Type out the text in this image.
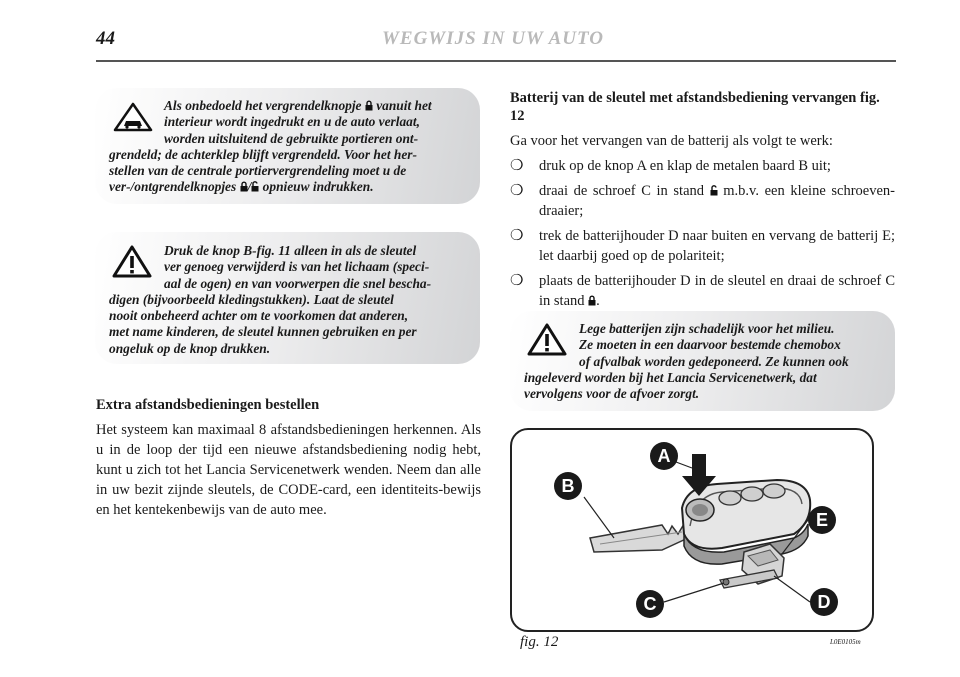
44	WEGWIJS IN UW AUTO

Als onbedoeld het vergrendelknopje vanuit het
interieur wordt ingedrukt en u de auto verlaat,
worden uitsluitend de gebruikte portieren ont-
grendeld; de achterklep blijft vergrendeld. Voor het her-
stellen van de centrale portiervergrendeling moet u de
ver-/ontgrendelknopjes / opnieuw indrukken.

Druk de knop B-fig. 11 alleen in als de sleutel
ver genoeg verwijderd is van het lichaam (speci-
aal de ogen) en van voorwerpen die snel bescha-
digen (bijvoorbeeld kledingstukken). Laat de sleutel
nooit onbeheerd achter om te voorkomen dat anderen,
met name kinderen, de sleutel kunnen gebruiken en per
ongeluk op de knop drukken.

Extra afstandsbedieningen bestellen

Het systeem kan maximaal 8 afstandsbedieningen herkennen. Als u in de loop der tijd een nieuwe afstandsbediening nodig hebt, kunt u zich tot het Lancia Servicenetwerk wenden. Neem dan alle in uw bezit zijnde sleutels, de CODE-card, een identiteits-bewijs en het kentekenbewijs van de auto mee.

Batterij van de sleutel met afstandsbediening vervangen fig. 12

Ga voor het vervangen van de batterij als volgt te werk:

❍ druk op de knop A en klap de metalen baard B uit;
❍ draai de schroef C in stand m.b.v. een kleine schroeven-draaier;
❍ trek de batterijhouder D naar buiten en vervang de batterij E; let daarbij goed op de polariteit;
❍ plaats de batterijhouder D in de sleutel en draai de schroef C in stand .

Lege batterijen zijn schadelijk voor het milieu.
Ze moeten in een daarvoor bestemde chemobox
of afvalbak worden gedeponeerd. Ze kunnen ook
ingeleverd worden bij het Lancia Servicenetwerk, dat
vervolgens voor de afvoer zorgt.

A
B
E
C	D
fig. 12	L0E0105m
